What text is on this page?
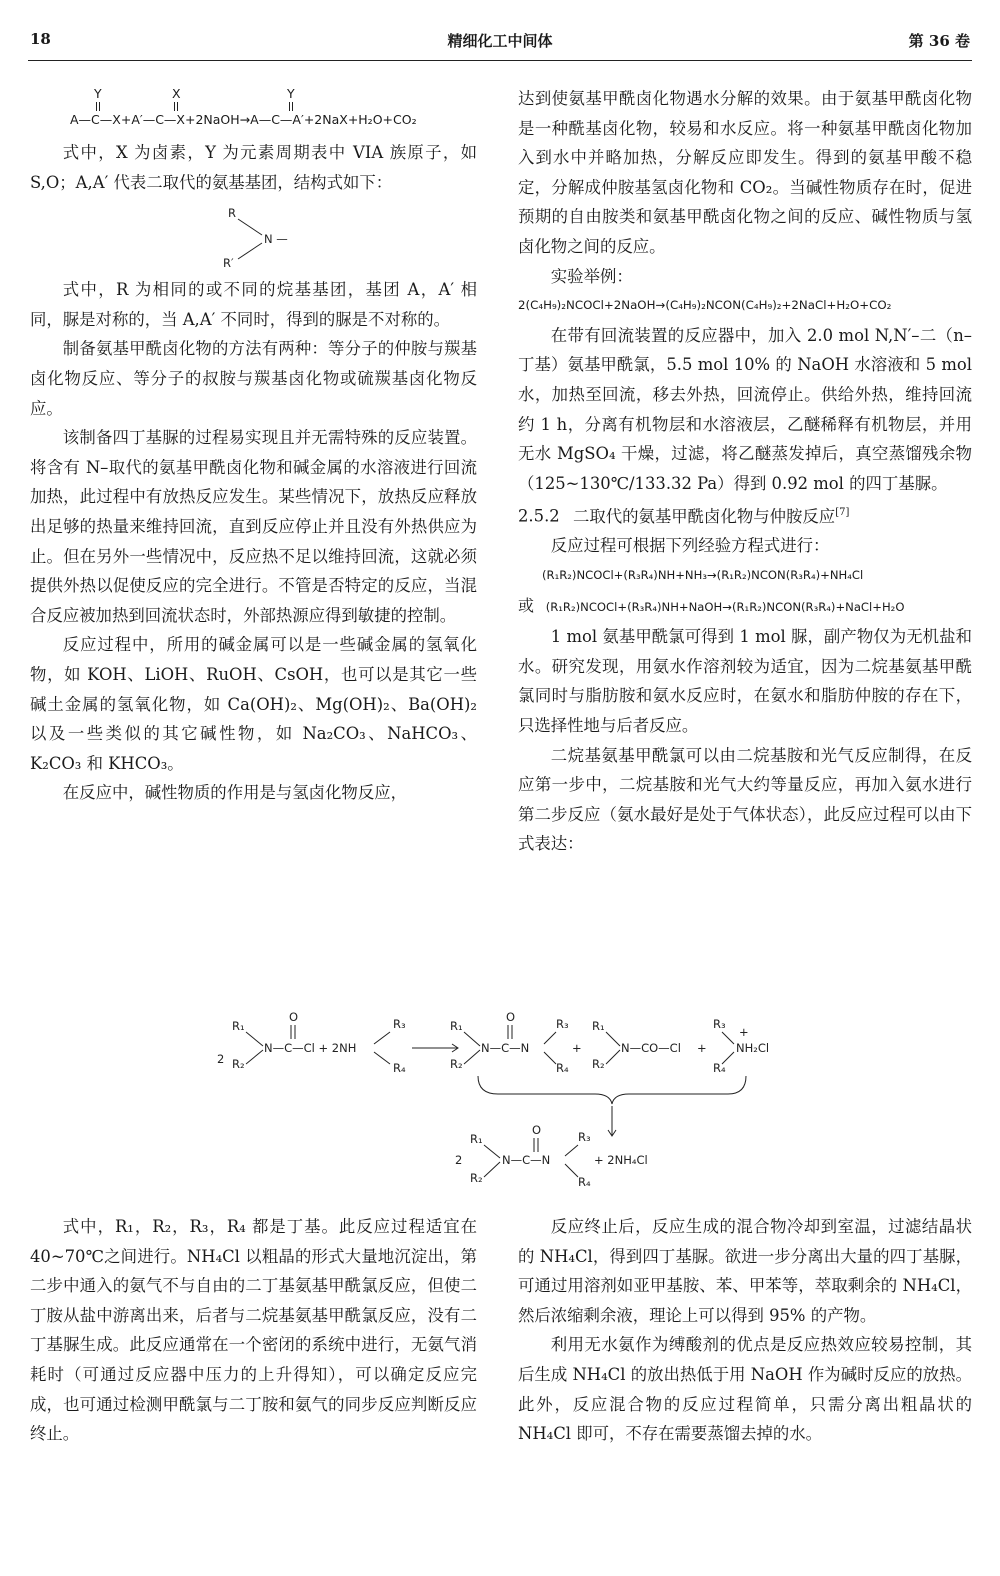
18	精细化工中间体	第 36 卷
Y	X	Y
A—C—X+A′—C—X+2NaOH→A—C—A′+2NaX+H₂O+CO₂

式中，X 为卤素，Y 为元素周期表中 VIA 族原子，如 S,O；A,A′ 代表二取代的氨基基团，结构式如下：

R
R′
N —

式中，R 为相同的或不同的烷基基团，基团 A，A′ 相同，脲是对称的，当 A,A′ 不同时，得到的脲是不对称的。

制备氨基甲酰卤化物的方法有两种：等分子的仲胺与羰基卤化物反应、等分子的叔胺与羰基卤化物或硫羰基卤化物反应。

该制备四丁基脲的过程易实现且并无需特殊的反应装置。将含有 N–取代的氨基甲酰卤化物和碱金属的水溶液进行回流加热，此过程中有放热反应发生。某些情况下，放热反应释放出足够的热量来维持回流，直到反应停止并且没有外热供应为止。但在另外一些情况中，反应热不足以维持回流，这就必须提供外热以促使反应的完全进行。不管是否特定的反应，当混合反应被加热到回流状态时，外部热源应得到敏捷的控制。

反应过程中，所用的碱金属可以是一些碱金属的氢氧化物，如 KOH、LiOH、RuOH、CsOH，也可以是其它一些碱土金属的氢氧化物，如 Ca(OH)₂、Mg(OH)₂、Ba(OH)₂ 以及一些类似的其它碱性物，如 Na₂CO₃、NaHCO₃、K₂CO₃ 和 KHCO₃。

在反应中，碱性物质的作用是与氢卤化物反应，

达到使氨基甲酰卤化物遇水分解的效果。由于氨基甲酰卤化物是一种酰基卤化物，较易和水反应。将一种氨基甲酰卤化物加入到水中并略加热，分解反应即发生。得到的氨基甲酸不稳定，分解成仲胺基氢卤化物和 CO₂。当碱性物质存在时，促进预期的自由胺类和氨基甲酰卤化物之间的反应、碱性物质与氢卤化物之间的反应。

实验举例：

2(C₄H₉)₂NCOCl+2NaOH→(C₄H₉)₂NCON(C₄H₉)₂+2NaCl+H₂O+CO₂

在带有回流装置的反应器中，加入 2.0 mol N,N′–二（n–丁基）氨基甲酰氯，5.5 mol 10% 的 NaOH 水溶液和 5 mol 水，加热至回流，移去外热，回流停止。供给外热，维持回流约 1 h，分离有机物层和水溶液层，乙醚稀释有机物层，并用无水 MgSO₄ 干燥，过滤，将乙醚蒸发掉后，真空蒸馏残余物（125~130℃/133.32 Pa）得到 0.92 mol 的四丁基脲。

2.5.2 二取代的氨基甲酰卤化物与仲胺反应[7]

反应过程可根据下列经验方程式进行：

(R₁R₂)NCOCl+(R₃R₄)NH+NH₃→(R₁R₂)NCON(R₃R₄)+NH₄Cl

或 (R₁R₂)NCOCl+(R₃R₄)NH+NaOH→(R₁R₂)NCON(R₃R₄)+NaCl+H₂O

1 mol 氨基甲酰氯可得到 1 mol 脲，副产物仅为无机盐和水。研究发现，用氨水作溶剂较为适宜，因为二烷基氨基甲酰氯同时与脂肪胺和氨水反应时，在氨水和脂肪仲胺的存在下，只选择性地与后者反应。

二烷基氨基甲酰氯可以由二烷基胺和光气反应制得，在反应第一步中，二烷基胺和光气大约等量反应，再加入氨水进行第二步反应（氨水最好是处于气体状态），此反应过程可以由下式表达：

2
R₁
R₂
O
N—C—Cl + 2NH
R₃
R₄
R₁
R₂
O
N—C—N
R₃
R₄
+
R₁
R₂
N—CO—Cl +
R₃
R₄
+
NH₂Cl
2
R₁
R₂
O
N—C—N
R₃
R₄
+ 2NH₄Cl

式中，R₁，R₂，R₃，R₄ 都是丁基。此反应过程适宜在 40~70℃之间进行。NH₄Cl 以粗晶的形式大量地沉淀出，第二步中通入的氨气不与自由的二丁基氨基甲酰氯反应，但使二丁胺从盐中游离出来，后者与二烷基氨基甲酰氯反应，没有二丁基脲生成。此反应通常在一个密闭的系统中进行，无氨气消耗时（可通过反应器中压力的上升得知），可以确定反应完成，也可通过检测甲酰氯与二丁胺和氨气的同步反应判断反应终止。

反应终止后，反应生成的混合物冷却到室温，过滤结晶状的 NH₄Cl，得到四丁基脲。欲进一步分离出大量的四丁基脲，可通过用溶剂如亚甲基胺、苯、甲苯等，萃取剩余的 NH₄Cl，然后浓缩剩余液，理论上可以得到 95% 的产物。

利用无水氨作为缚酸剂的优点是反应热效应较易控制，其后生成 NH₄Cl 的放出热低于用 NaOH 作为碱时反应的放热。此外，反应混合物的反应过程简单，只需分离出粗晶状的 NH₄Cl 即可，不存在需要蒸馏去掉的水。
